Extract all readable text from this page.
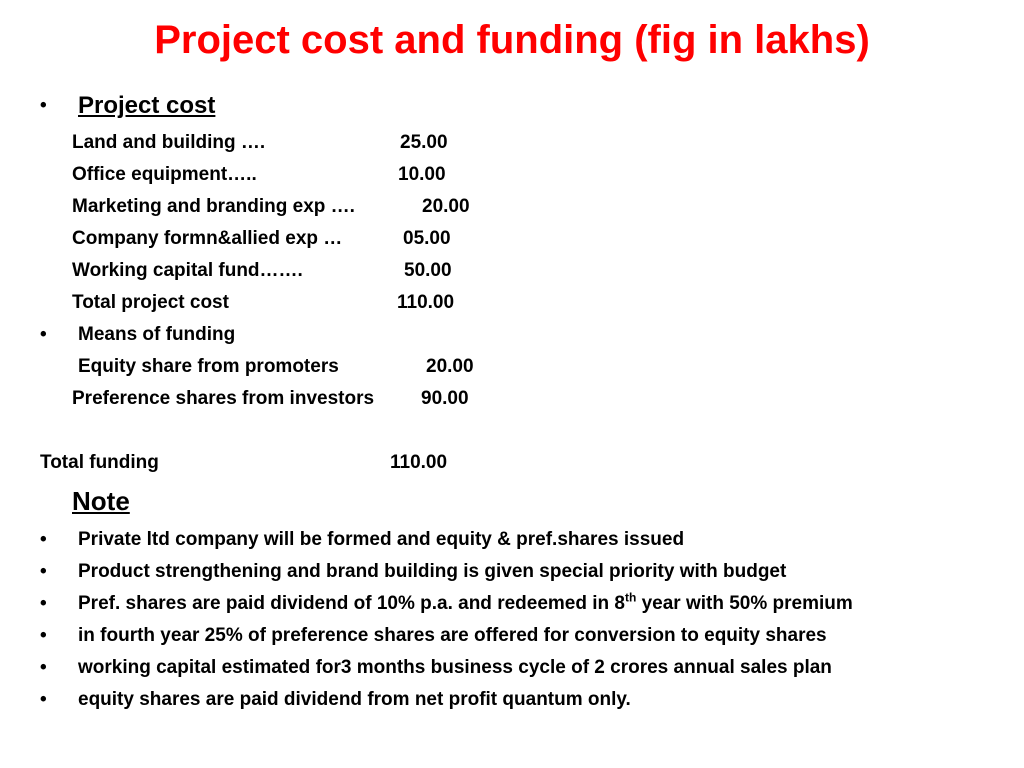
Project cost and funding (fig in lakhs)
• Project cost
Land and building ….	25.00
Office equipment…..	10.00
Marketing and branding exp ….	20.00
Company formn&allied exp …	05.00
Working capital fund…….	50.00
Total project cost	110.00
• Means of funding
Equity share from promoters	20.00
Preference shares from investors 90.00
Total funding	110.00
Note
• Private ltd company will be formed and equity & pref.shares issued
• Product strengthening and brand building is given special priority with budget
• Pref. shares are paid dividend of 10% p.a. and redeemed in 8th year with 50% premium
• in fourth year 25% of preference shares are offered for conversion to equity shares
• working capital estimated for3 months business cycle of 2 crores annual sales plan
• equity shares are paid dividend from net profit quantum only.
